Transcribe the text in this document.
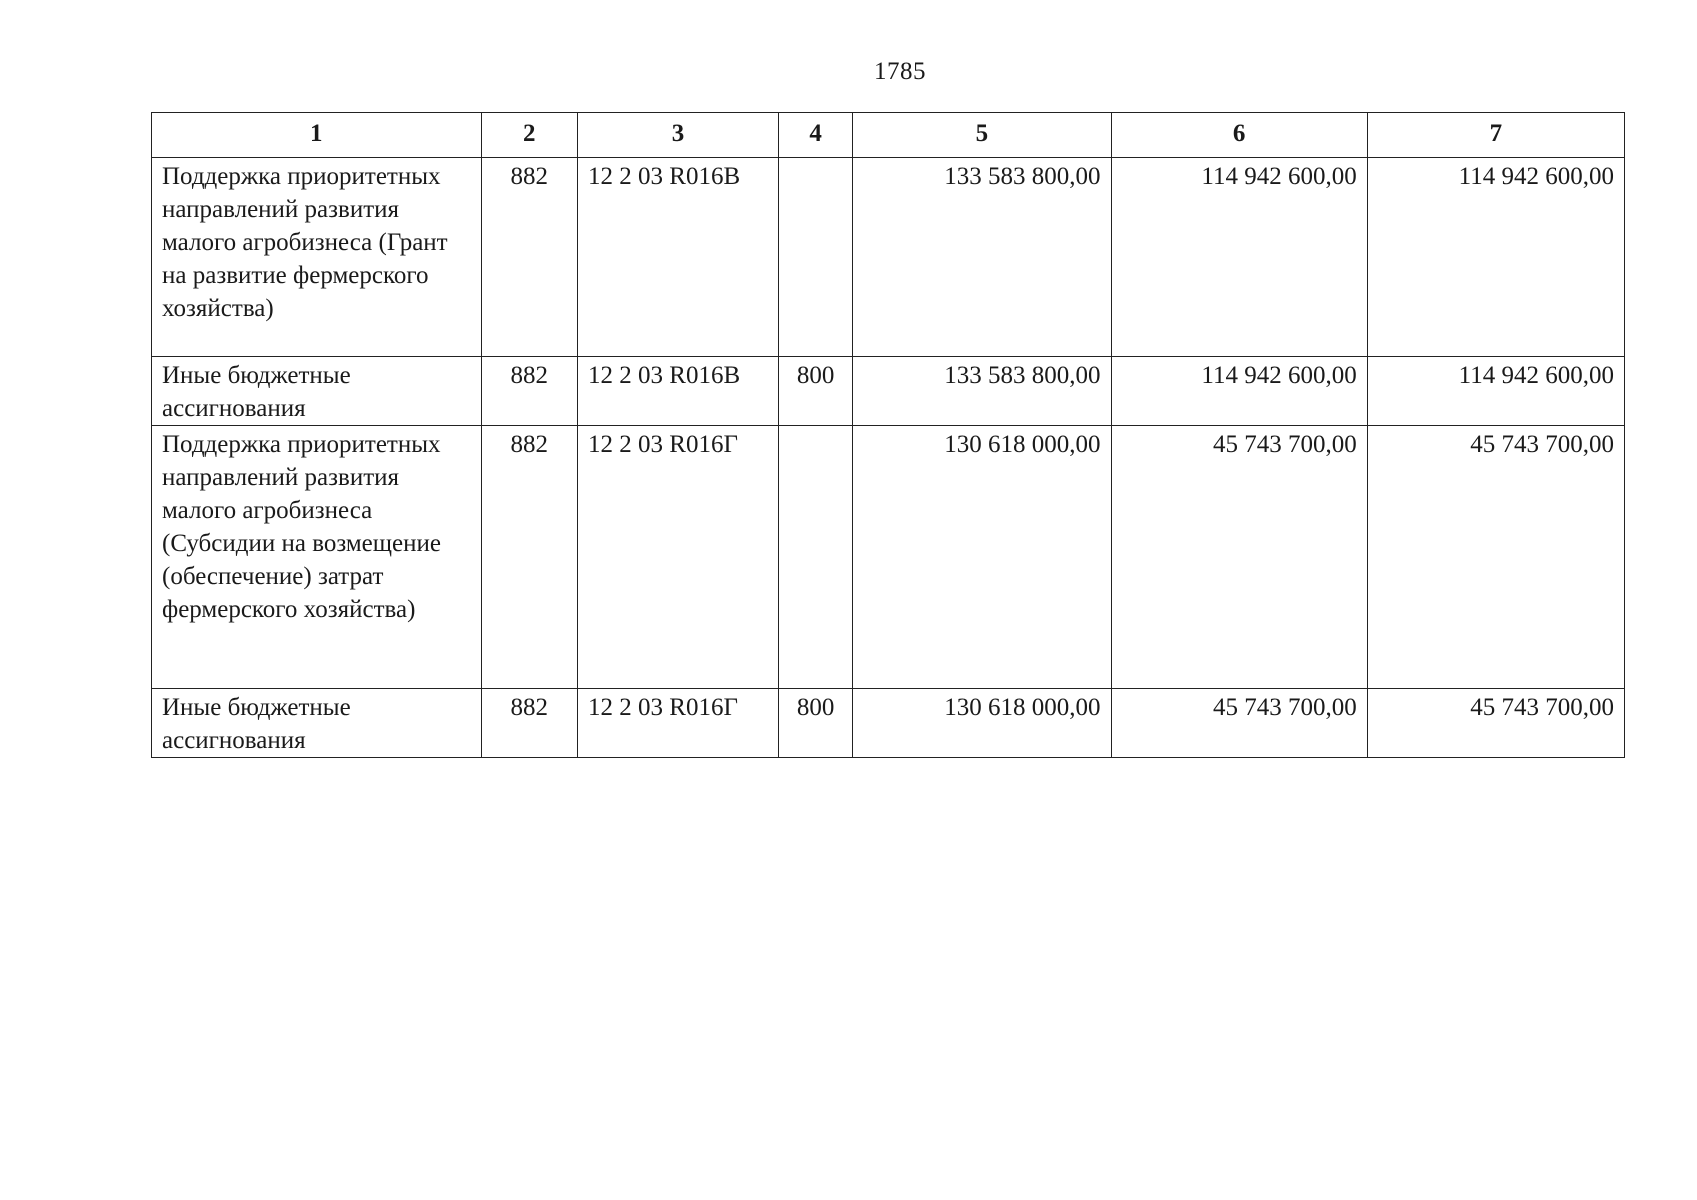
1785
1	2	3	4	5	6	7
Поддержка приоритетных направлений развития малого агробизнеса (Грант на развитие фермерского хозяйства)	882	12 2 03 R016В		133 583 800,00	114 942 600,00	114 942 600,00
Иные бюджетные ассигнования	882	12 2 03 R016В	800	133 583 800,00	114 942 600,00	114 942 600,00
Поддержка приоритетных направлений развития малого агробизнеса (Субсидии на возмещение (обеспечение) затрат фермерского хозяйства)	882	12 2 03 R016Г		130 618 000,00	45 743 700,00	45 743 700,00
Иные бюджетные ассигнования	882	12 2 03 R016Г	800	130 618 000,00	45 743 700,00	45 743 700,00
